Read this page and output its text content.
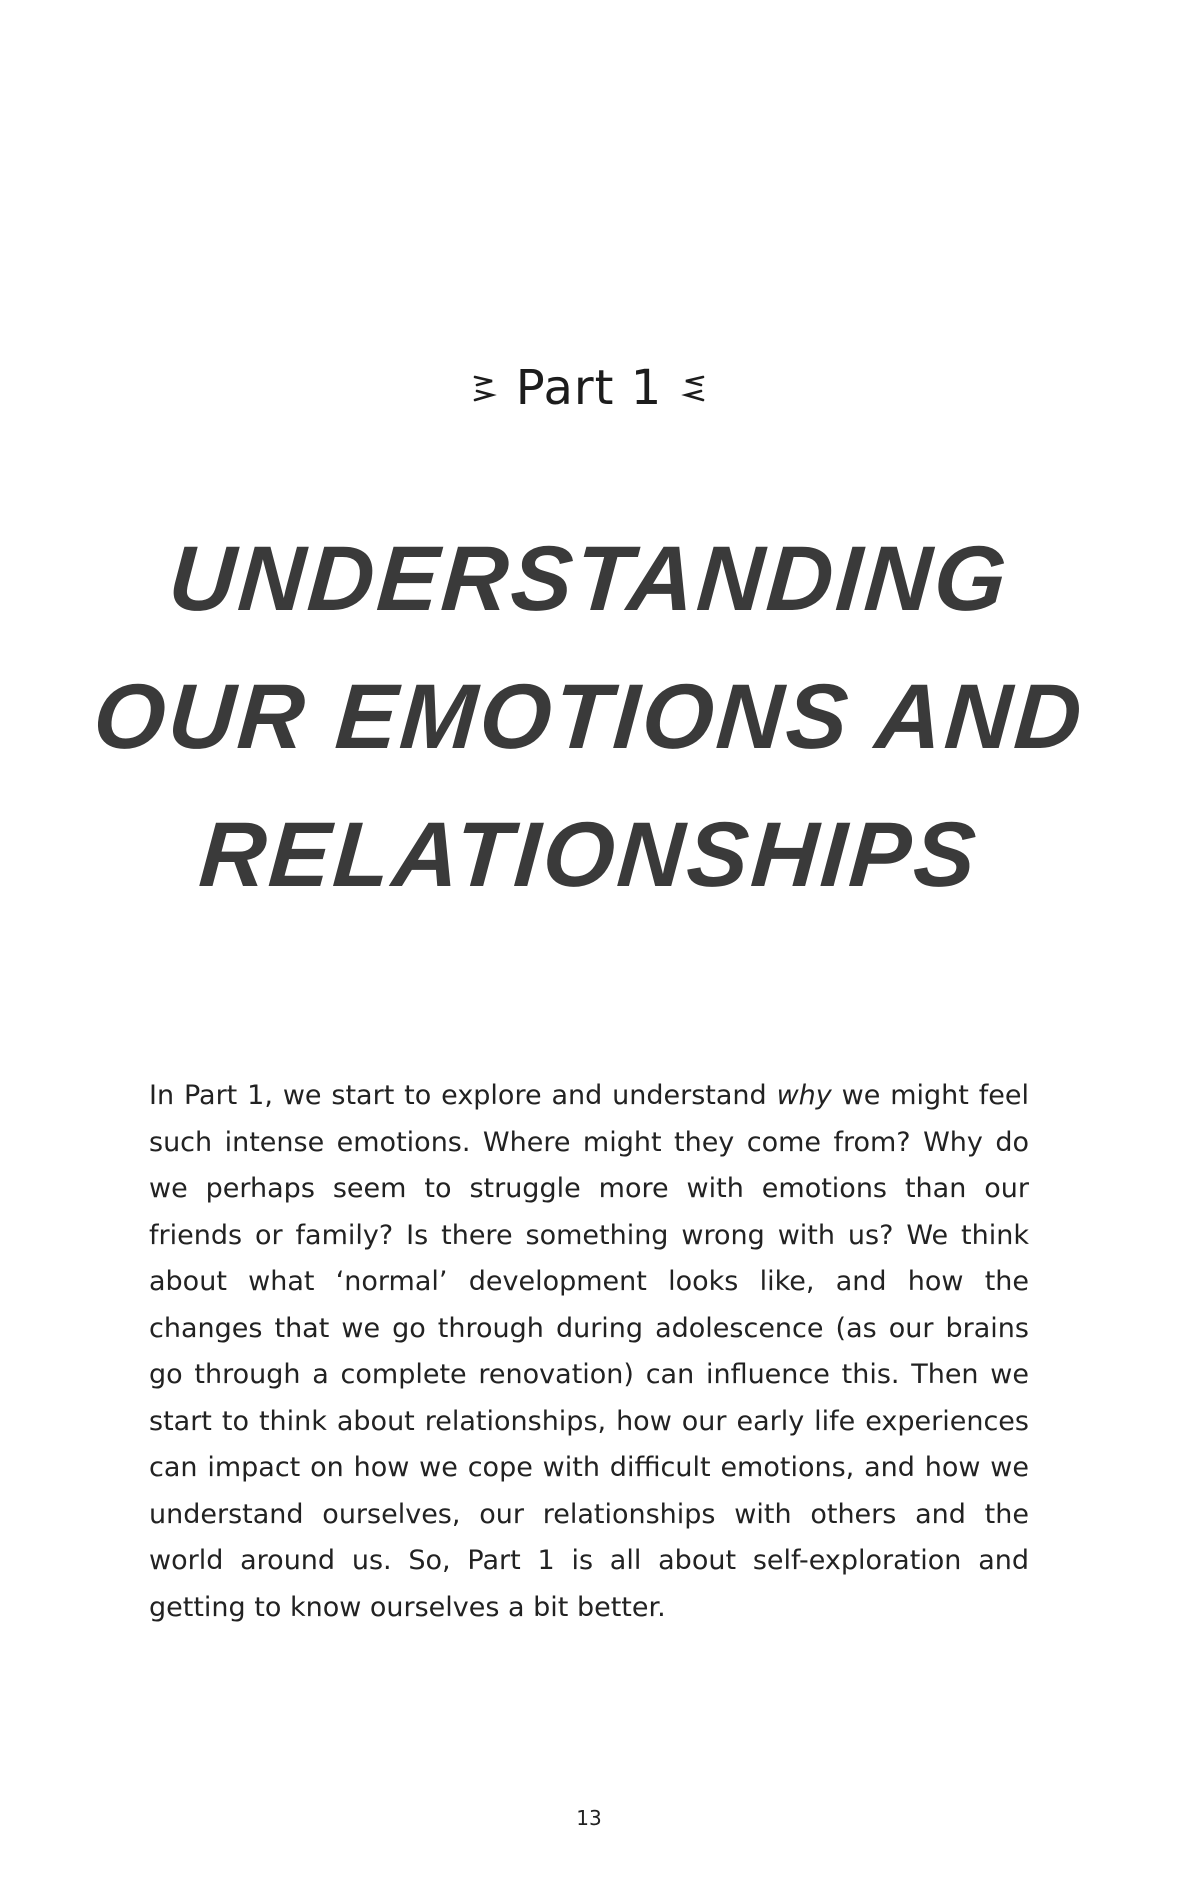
Part 1
UNDERSTANDING
OUR EMOTIONS AND
RELATIONSHIPS

In Part 1, we start to explore and understand why we might feel such intense emotions. Where might they come from? Why do we perhaps seem to struggle more with emotions than our friends or family? Is there something wrong with us? We think about what ‘normal’ development looks like, and how the changes that we go through during adolescence (as our brains go through a complete renovation) can influence this. Then we start to think about relationships, how our early life experiences can impact on how we cope with difficult emotions, and how we understand ourselves, our relationships with others and the world around us. So, Part 1 is all about self-exploration and getting to know ourselves a bit better.

13
